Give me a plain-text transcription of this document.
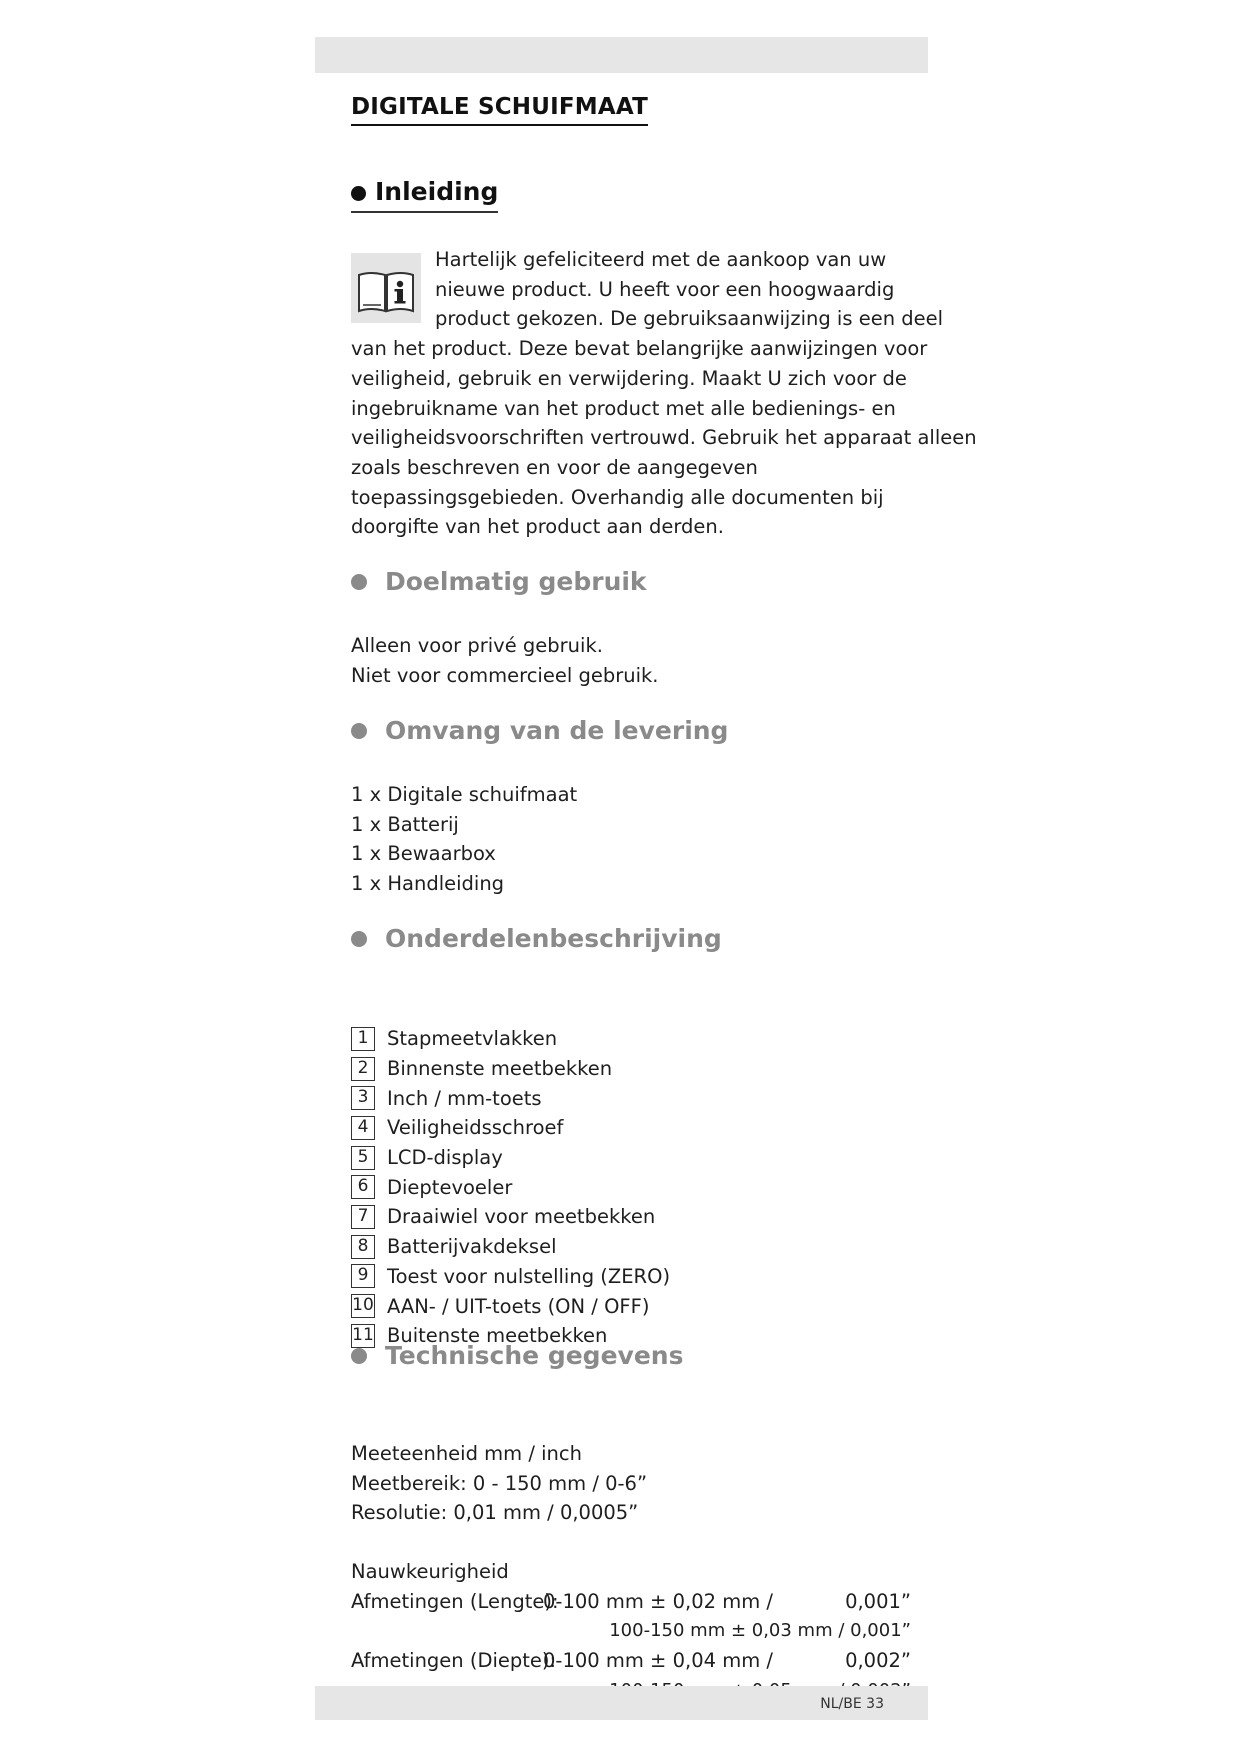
DIGITALE SCHUIFMAAT
Inleiding
Hartelijk gefeliciteerd met de aankoop van uw
nieuwe product. U heeft voor een hoogwaardig
product gekozen. De gebruiksaanwijzing is een deel
van het product. Deze bevat belangrijke aanwijzingen voor
veiligheid, gebruik en verwijdering. Maakt U zich voor de
ingebruikname van het product met alle bedienings- en
veiligheidsvoorschriften vertrouwd. Gebruik het apparaat alleen
zoals beschreven en voor de aangegeven
toepassingsgebieden. Overhandig alle documenten bij
doorgifte van het product aan derden.
Doelmatig gebruik
Alleen voor privé gebruik.
Niet voor commercieel gebruik.
Omvang van de levering
1 x Digitale schuifmaat
1 x Batterij
1 x Bewaarbox
1 x Handleiding
Onderdelenbeschrijving
1 Stapmeetvlakken
2 Binnenste meetbekken
3 Inch / mm-toets
4 Veiligheidsschroef
5 LCD-display
6 Dieptevoeler
7 Draaiwiel voor meetbekken
8 Batterijvakdeksel
9 Toest voor nulstelling (ZERO)
10 AAN- / UIT-toets (ON / OFF)
11 Buitenste meetbekken
Technische gegevens
Meeteenheid mm / inch
Meetbereik: 0 - 150 mm / 0-6”
Resolutie: 0,01 mm / 0,0005”
Nauwkeurigheid
Afmetingen (Lengte):
0-100 mm ± 0,02 mm /	0,001”
100-150 mm ± 0,03 mm / 0,001”
Afmetingen (Diepte):
0-100 mm ± 0,04 mm /	0,002”
NL/BE 33
